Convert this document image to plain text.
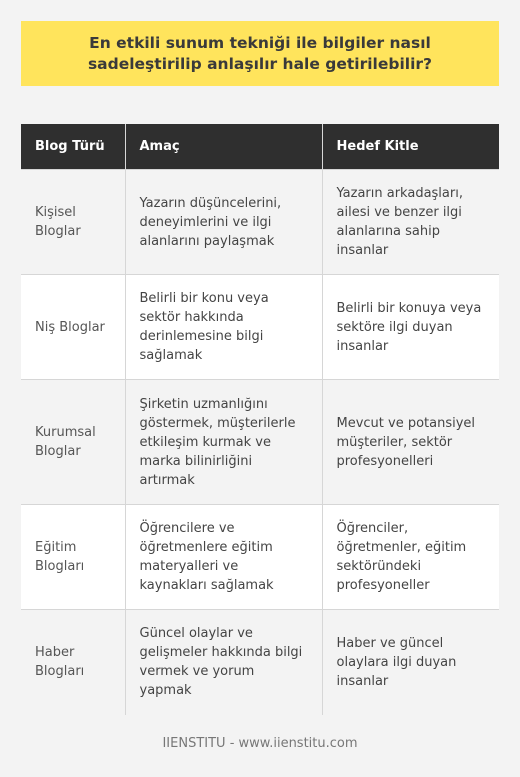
En etkili sunum tekniği ile bilgiler nasıl sadeleştirilip anlaşılır hale getirilebilir?
Blog Türü	Amaç	Hedef Kitle
Kişisel Bloglar	Yazarın düşüncelerini, deneyimlerini ve ilgi alanlarını paylaşmak	Yazarın arkadaşları, ailesi ve benzer ilgi alanlarına sahip insanlar
Niş Bloglar	Belirli bir konu veya sektör hakkında derinlemesine bilgi sağlamak	Belirli bir konuya veya sektöre ilgi duyan insanlar
Kurumsal Bloglar	Şirketin uzmanlığını göstermek, müşterilerle etkileşim kurmak ve marka bilinirliğini artırmak	Mevcut ve potansiyel müşteriler, sektör profesyonelleri
Eğitim Blogları	Öğrencilere ve öğretmenlere eğitim materyalleri ve kaynakları sağlamak	Öğrenciler, öğretmenler, eğitim sektöründeki profesyoneller
Haber Blogları	Güncel olaylar ve gelişmeler hakkında bilgi vermek ve yorum yapmak	Haber ve güncel olaylara ilgi duyan insanlar
IIENSTITU - www.iienstitu.com
